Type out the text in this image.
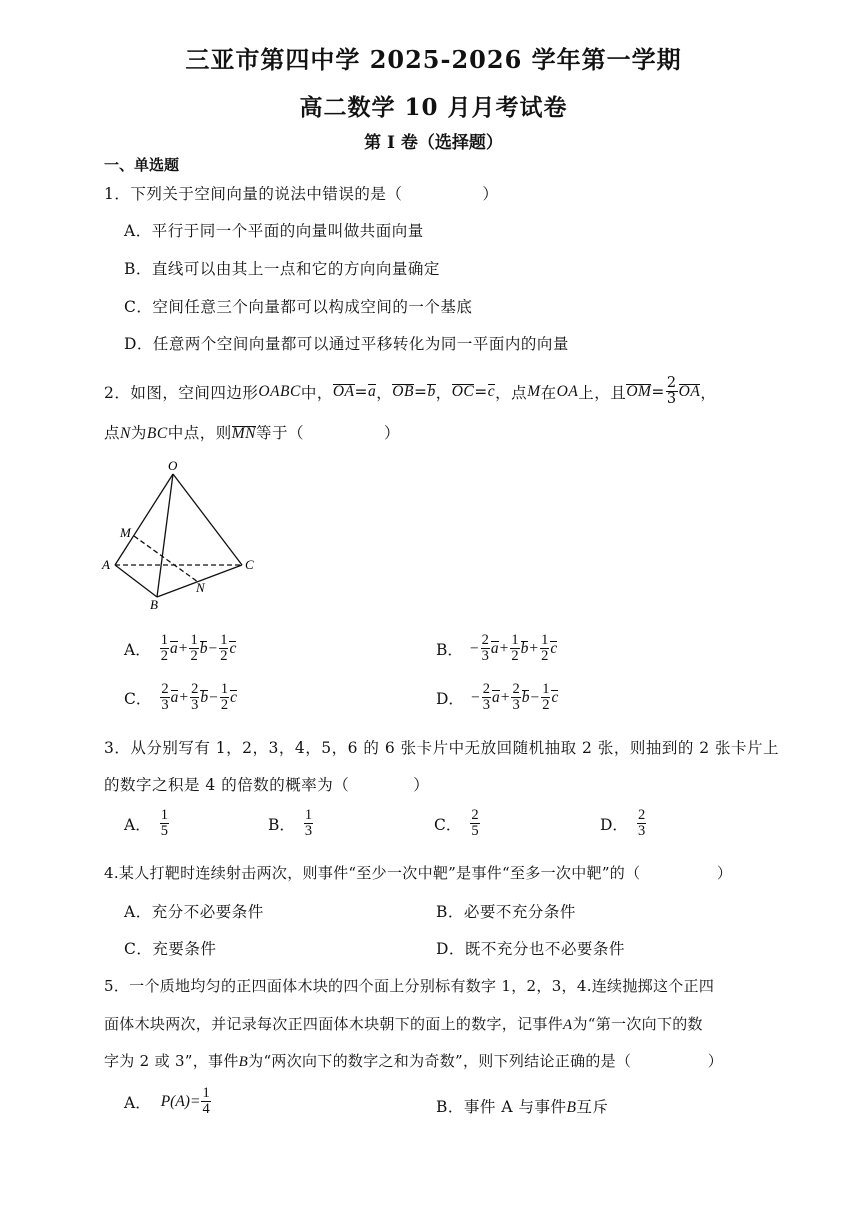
三亚市第四中学 2025-2026 学年第一学期
高二数学 10 月月考试卷
第 I 卷（选择题）
一、单选题
1．下列关于空间向量的说法中错误的是（　　　　　）
A．平行于同一个平面的向量叫做共面向量
B．直线可以由其上一点和它的方向向量确定
C．空间任意三个向量都可以构成空间的一个基底
D．任意两个空间向量都可以通过平移转化为同一平面内的向量
2．如图，空间四边形 OABC 中， OA = a ， OB = b ， OC = c ，点 M 在 OA 上，且 OM = $\frac{2}{3}$ OA ，
点N为BC中点，则MN等于（　　　　　）
O
M
A	C
B
N
A． $\frac{1}{2}$ $a + \frac{1}{2}$ $b - \frac{1}{2}$ c	B． − $\frac{2}{3}$ $a + \frac{1}{2}$ $b + \frac{1}{2}$ c
C． $\frac{2}{3}$ $a + \frac{2}{3}$ $b - \frac{1}{2}$ c	D． − $\frac{2}{3}$ $a + \frac{2}{3}$ $b - \frac{1}{2}$ c
3．从分别写有 1，2，3，4，5，6 的 6 张卡片中无放回随机抽取 2 张，则抽到的 2 张卡片上
的数字之积是 4 的倍数的概率为（　　　　）
A． $\frac{1}{5}$	B． $\frac{1}{3}$	C． $\frac{2}{5}$	D． $\frac{2}{3}$
4.某人打靶时连续射击两次，则事件“至少一次中靶”是事件“至多一次中靶”的（　　　　　）
A．充分不必要条件	B．必要不充分条件
C．充要条件	D．既不充分也不必要条件
5．一个质地均匀的正四面体木块的四个面上分别标有数字 1，2，3，4.连续抛掷这个正四
面体木块两次，并记录每次正四面体木块朝下的面上的数字，记事件A为“第一次向下的数
字为 2 或 3”，事件B为“两次向下的数字之和为奇数”，则下列结论正确的是（　　　　　）
A． P $(A)= \frac{1}{4}$	B．事件 A 与事件B互斥
